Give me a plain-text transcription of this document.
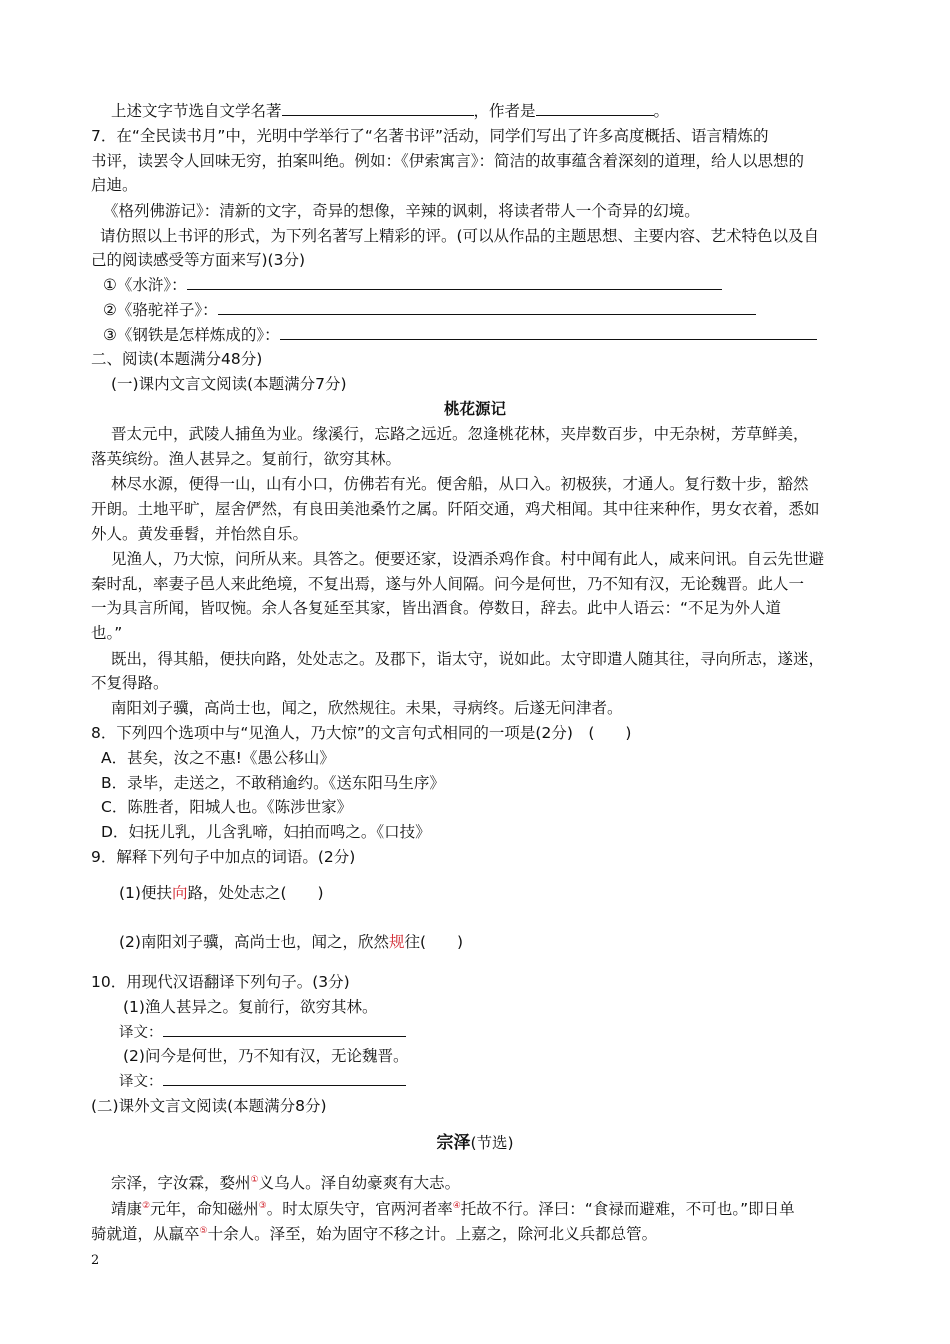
上述文字节选自文学名著	，作者是	。
7．在“全民读书月”中，光明中学举行了“名著书评”活动，同学们写出了许多高度概括、语言精炼的
书评，读罢令人回味无穷，拍案叫绝。例如：《伊索寓言》：简洁的故事蕴含着深刻的道理，给人以思想的
启迪。
《格列佛游记》：清新的文字，奇异的想像，辛辣的讽刺，将读者带人一个奇异的幻境。
请仿照以上书评的形式，为下列名著写上精彩的评。(可以从作品的主题思想、主要内容、艺术特色以及自
己的阅读感受等方面来写)(3分)
①《水浒》：
②《骆驼祥子》：
③《钢铁是怎样炼成的》：
二、阅读(本题满分48分)
(一)课内文言文阅读(本题满分7分)
桃花源记
晋太元中，武陵人捕鱼为业。缘溪行，忘路之远近。忽逢桃花林，夹岸数百步，中无杂树，芳草鲜美，
落英缤纷。渔人甚异之。复前行，欲穷其林。
林尽水源，便得一山，山有小口，仿佛若有光。便舍船，从口入。初极狭，才通人。复行数十步，豁然
开朗。土地平旷，屋舍俨然，有良田美池桑竹之属。阡陌交通，鸡犬相闻。其中往来种作，男女衣着，悉如
外人。黄发垂髫，并怡然自乐。
见渔人，乃大惊，问所从来。具答之。便要还家，设酒杀鸡作食。村中闻有此人，咸来问讯。自云先世避
秦时乱，率妻子邑人来此绝境，不复出焉，遂与外人间隔。问今是何世，乃不知有汉，无论魏晋。此人一
一为具言所闻，皆叹惋。余人各复延至其家，皆出酒食。停数日，辞去。此中人语云：“不足为外人道
也。”
既出，得其船，便扶向路，处处志之。及郡下，诣太守，说如此。太守即遣人随其往，寻向所志，遂迷，
不复得路。
南阳刘子骥，高尚士也，闻之，欣然规往。未果，寻病终。后遂无问津者。
8．下列四个选项中与“见渔人，乃大惊”的文言句式相同的一项是(2分)　(　　)
A．甚矣，汝之不惠!《愚公移山》
B．录毕，走送之，不敢稍逾约。《送东阳马生序》
C．陈胜者，阳城人也。《陈涉世家》
D．妇抚儿乳，儿含乳啼，妇拍而鸣之。《口技》
9．解释下列句子中加点的词语。(2分)
(1)便扶向路，处处志之(　　)
(2)南阳刘子骥，高尚士也，闻之，欣然规往(　　)
10．用现代汉语翻译下列句子。(3分)
(1)渔人甚异之。复前行，欲穷其林。
译文：
(2)问今是何世，乃不知有汉，无论魏晋。
译文：
(二)课外文言文阅读(本题满分8分)
宗泽(节选)
宗泽，字汝霖，婺州①义乌人。泽自幼豪爽有大志。
靖康②元年，命知磁州③。时太原失守，官两河者率④托故不行。泽曰：“食禄而避难，不可也。”即日单
骑就道，从羸卒⑤十余人。泽至，始为固守不移之计。上嘉之，除河北义兵都总管。
2
